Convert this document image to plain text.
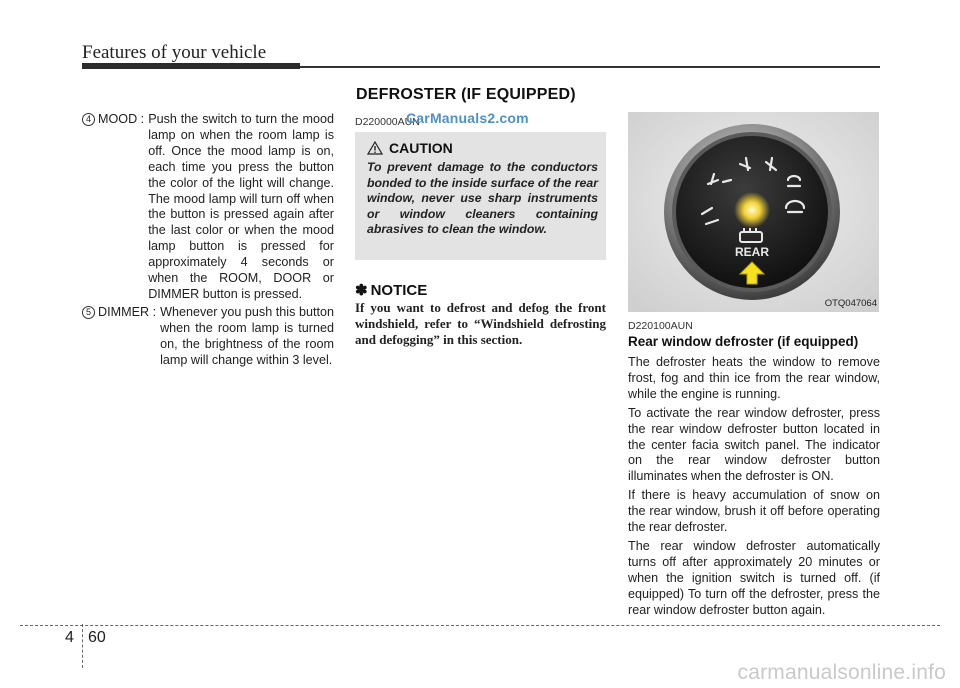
Features of your vehicle
DEFROSTER (IF EQUIPPED)
4 MOOD : Push the switch to turn the mood lamp on when the room lamp is off. Once the mood lamp is on, each time you press the button the color of the light will change. The mood lamp will turn off when the button is pressed again after the last color or when the mood lamp button is pressed for approximately 4 seconds or when the ROOM, DOOR or DIMMER button is pressed.
5 DIMMER : Whenever you push this button when the room lamp is turned on, the brightness of the room lamp will change within 3 level.
D220000AUN
CarManuals2.com
CAUTION
To prevent damage to the conductors bonded to the inside surface of the rear window, never use sharp instruments or window cleaners containing abrasives to clean the window.
✽ NOTICE
If you want to defrost and defog the front windshield, refer to “Windshield defrosting and defogging” in this section.
REAR
OTQ047064
D220100AUN
Rear window defroster (if equipped)

The defroster heats the window to remove frost, fog and thin ice from the rear window, while the engine is running.

To activate the rear window defroster, press the rear window defroster button located in the center facia switch panel. The indicator on the rear window defroster button illuminates when the defroster is ON.

If there is heavy accumulation of snow on the rear window, brush it off before operating the rear defroster.

The rear window defroster automatically turns off after approximately 20 minutes or when the ignition switch is turned off. (if equipped) To turn off the defroster, press the rear window defroster button again.

4 60
carmanualsonline.info
